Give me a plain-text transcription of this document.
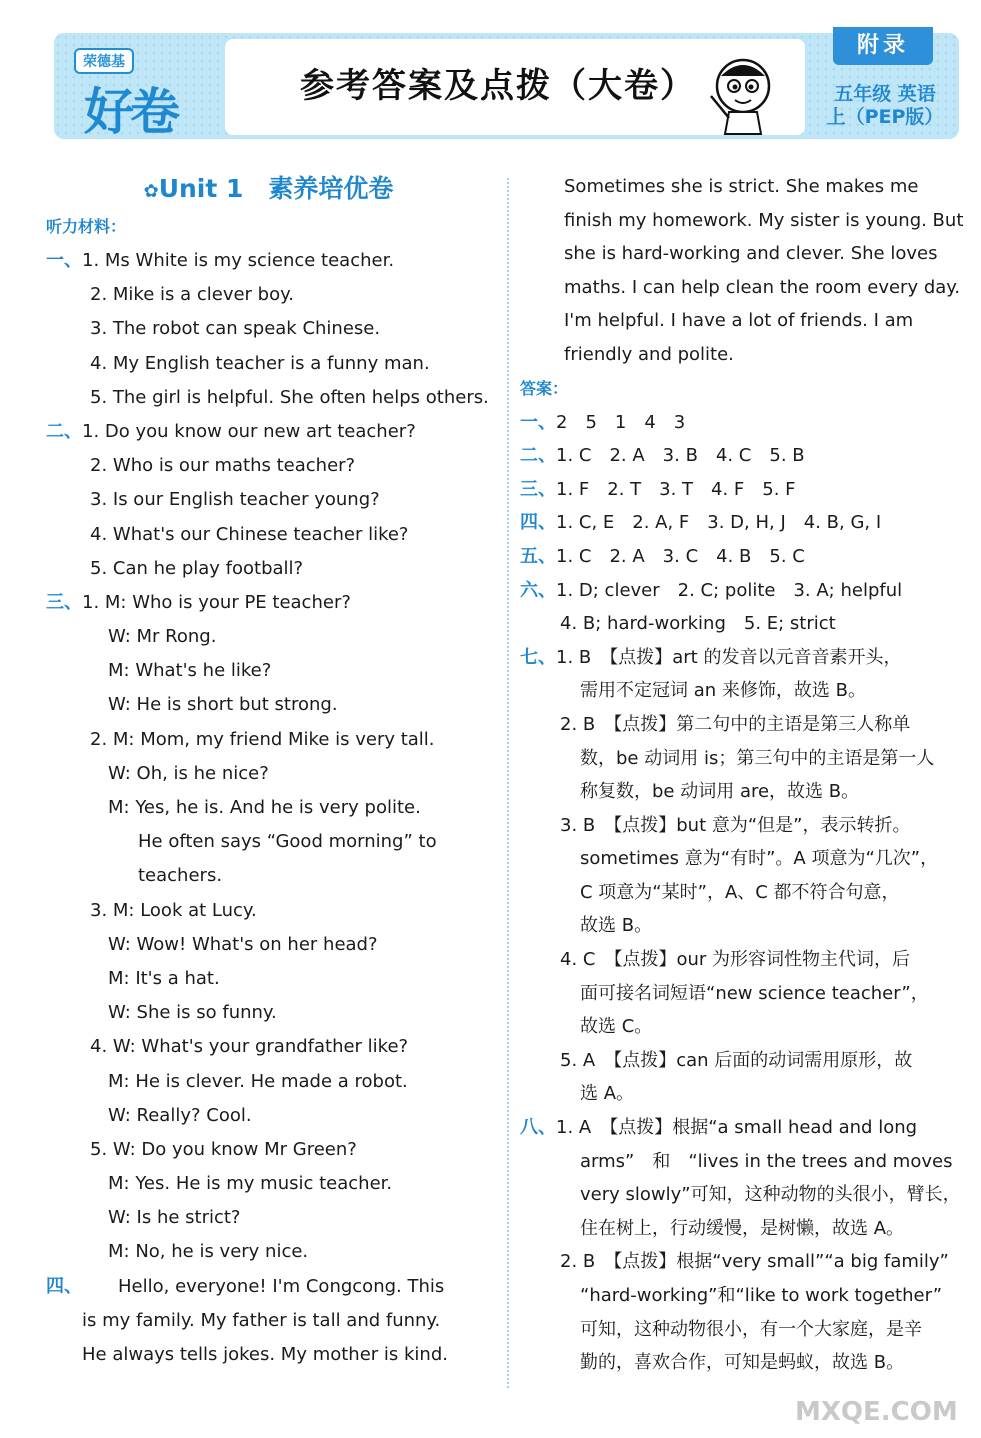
荣德基
好卷	参考答案及点拨（大卷）
附录
五年级 英语
上（PEP版）
✿Unit 1　素养培优卷
听力材料：
一、1. Ms White is my science teacher.
2. Mike is a clever boy.
3. The robot can speak Chinese.
4. My English teacher is a funny man.
5. The girl is helpful. She often helps others.
二、1. Do you know our new art teacher?
2. Who is our maths teacher?
3. Is our English teacher young?
4. What's our Chinese teacher like?
5. Can he play football?
三、1. M: Who is your PE teacher?
W: Mr Rong.
M: What's he like?
W: He is short but strong.
2. M: Mom, my friend Mike is very tall.
W: Oh, is he nice?
M: Yes, he is. And he is very polite.
He often says “Good morning” to
teachers.
3. M: Look at Lucy.
W: Wow! What's on her head?
M: It's a hat.
W: She is so funny.
4. W: What's your grandfather like?
M: He is clever. He made a robot.
W: Really? Cool.
5. W: Do you know Mr Green?
M: Yes. He is my music teacher.
W: Is he strict?
M: No, he is very nice.
四、　　Hello, everyone! I'm Congcong. This
is my family. My father is tall and funny.
He always tells jokes. My mother is kind.
Sometimes she is strict. She makes me
finish my homework. My sister is young. But
she is hard-working and clever. She loves
maths. I can help clean the room every day.
I'm helpful. I have a lot of friends. I am
friendly and polite.
答案：
一、2　5　1　4　3
二、1. C　2. A　3. B　4. C　5. B
三、1. F　2. T　3. T　4. F　5. F
四、1. C, E　2. A, F　3. D, H, J　4. B, G, I
五、1. C　2. A　3. C　4. B　5. C
六、1. D; clever　2. C; polite　3. A; helpful
4. B; hard-working　5. E; strict
七、1. B　【点拨】art 的发音以元音音素开头，
需用不定冠词 an 来修饰，故选 B。
2. B　【点拨】第二句中的主语是第三人称单
数，be 动词用 is；第三句中的主语是第一人
称复数，be 动词用 are，故选 B。
3. B　【点拨】but 意为“但是”，表示转折。
sometimes 意为“有时”。A 项意为“几次”，
C 项意为“某时”，A、C 都不符合句意，
故选 B。
4. C　【点拨】our 为形容词性物主代词，后
面可接名词短语“new science teacher”，
故选 C。
5. A　【点拨】can 后面的动词需用原形，故
选 A。
八、1. A　【点拨】根据“a small head and long
arms”　和　“lives in the trees and moves
very slowly”可知，这种动物的头很小，臂长，
住在树上，行动缓慢，是树懒，故选 A。
2. B　【点拨】根据“very small”“a big family”
“hard-working”和“like to work together”
可知，这种动物很小，有一个大家庭，是辛
勤的，喜欢合作，可知是蚂蚁，故选 B。
MXQE.COM
